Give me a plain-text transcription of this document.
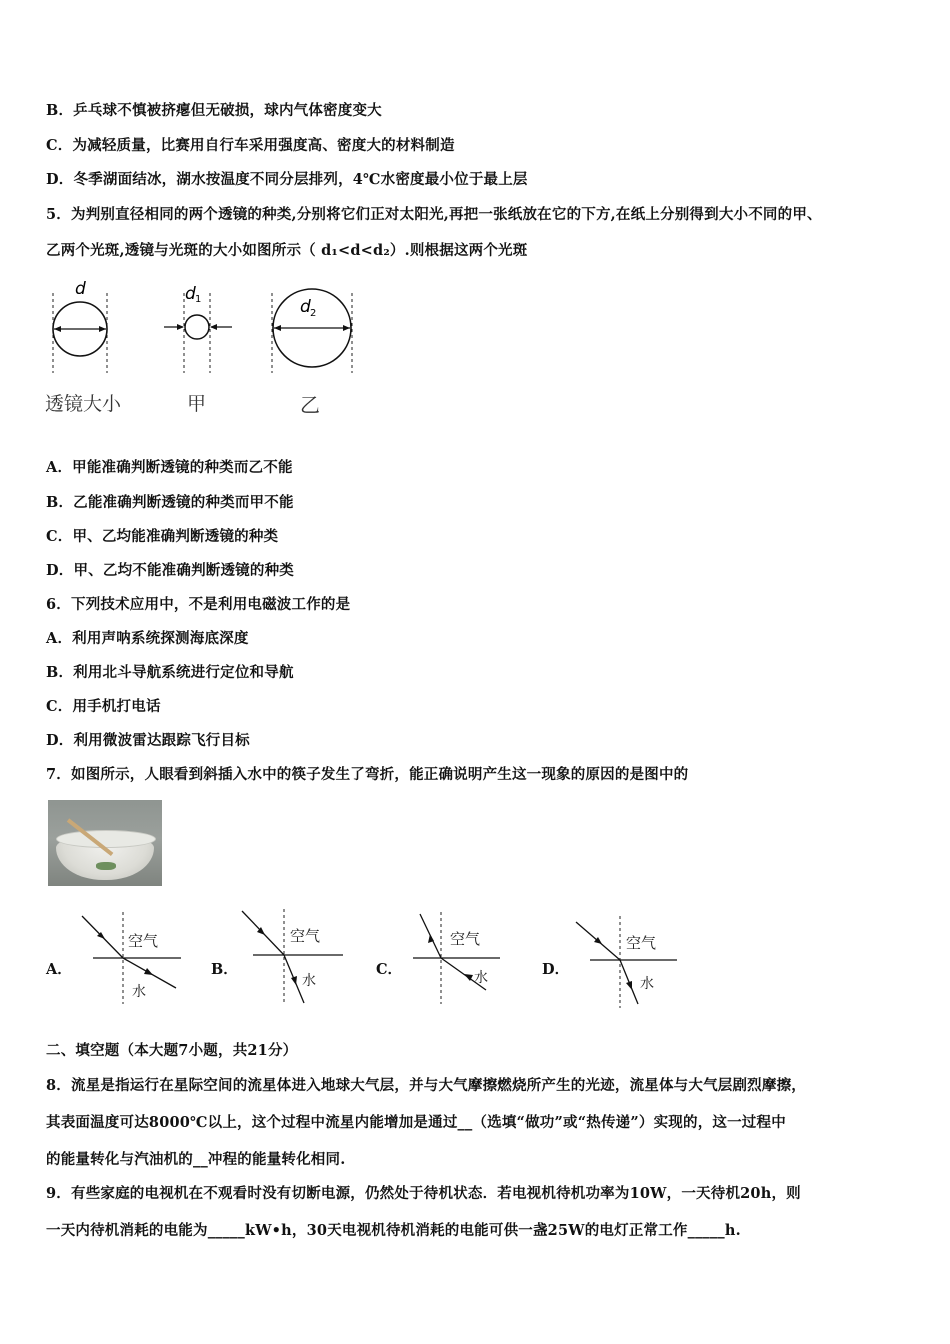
B．乒乓球不慎被挤瘪但无破损，球内气体密度变大
C．为减轻质量，比赛用自行车采用强度高、密度大的材料制造
D．冬季湖面结冰，湖水按温度不同分层排列，4℃水密度最小位于最上层
5．为判别直径相同的两个透镜的种类,分别将它们正对太阳光,再把一张纸放在它的下方,在纸上分别得到大小不同的甲、
乙两个光斑,透镜与光斑的大小如图所示（ d₁<d<d₂）.则根据这两个光斑
d
透镜大小
d 1
甲
d 2
乙
A．甲能准确判断透镜的种类而乙不能
B．乙能准确判断透镜的种类而甲不能
C．甲、乙均能准确判断透镜的种类
D．甲、乙均不能准确判断透镜的种类
6．下列技术应用中，不是利用电磁波工作的是
A．利用声呐系统探测海底深度
B．利用北斗导航系统进行定位和导航
C．用手机打电话
D．利用微波雷达跟踪飞行目标
7．如图所示，人眼看到斜插入水中的筷子发生了弯折，能正确说明产生这一现象的原因的是图中的
A．	B．	C．	D．
空气
水
空气
水
空气
水
空气
水
二、填空题（本大题7小题，共21分）
8．流星是指运行在星际空间的流星体进入地球大气层，并与大气摩擦燃烧所产生的光迹，流星体与大气层剧烈摩擦，
其表面温度可达8000℃以上，这个过程中流星内能增加是通过__（选填“做功”或“热传递”）实现的，这一过程中
的能量转化与汽油机的__冲程的能量转化相同.
9．有些家庭的电视机在不观看时没有切断电源，仍然处于待机状态．若电视机待机功率为10W，一天待机20h，则
一天内待机消耗的电能为_____kW•h，30天电视机待机消耗的电能可供一盏25W的电灯正常工作_____h.
